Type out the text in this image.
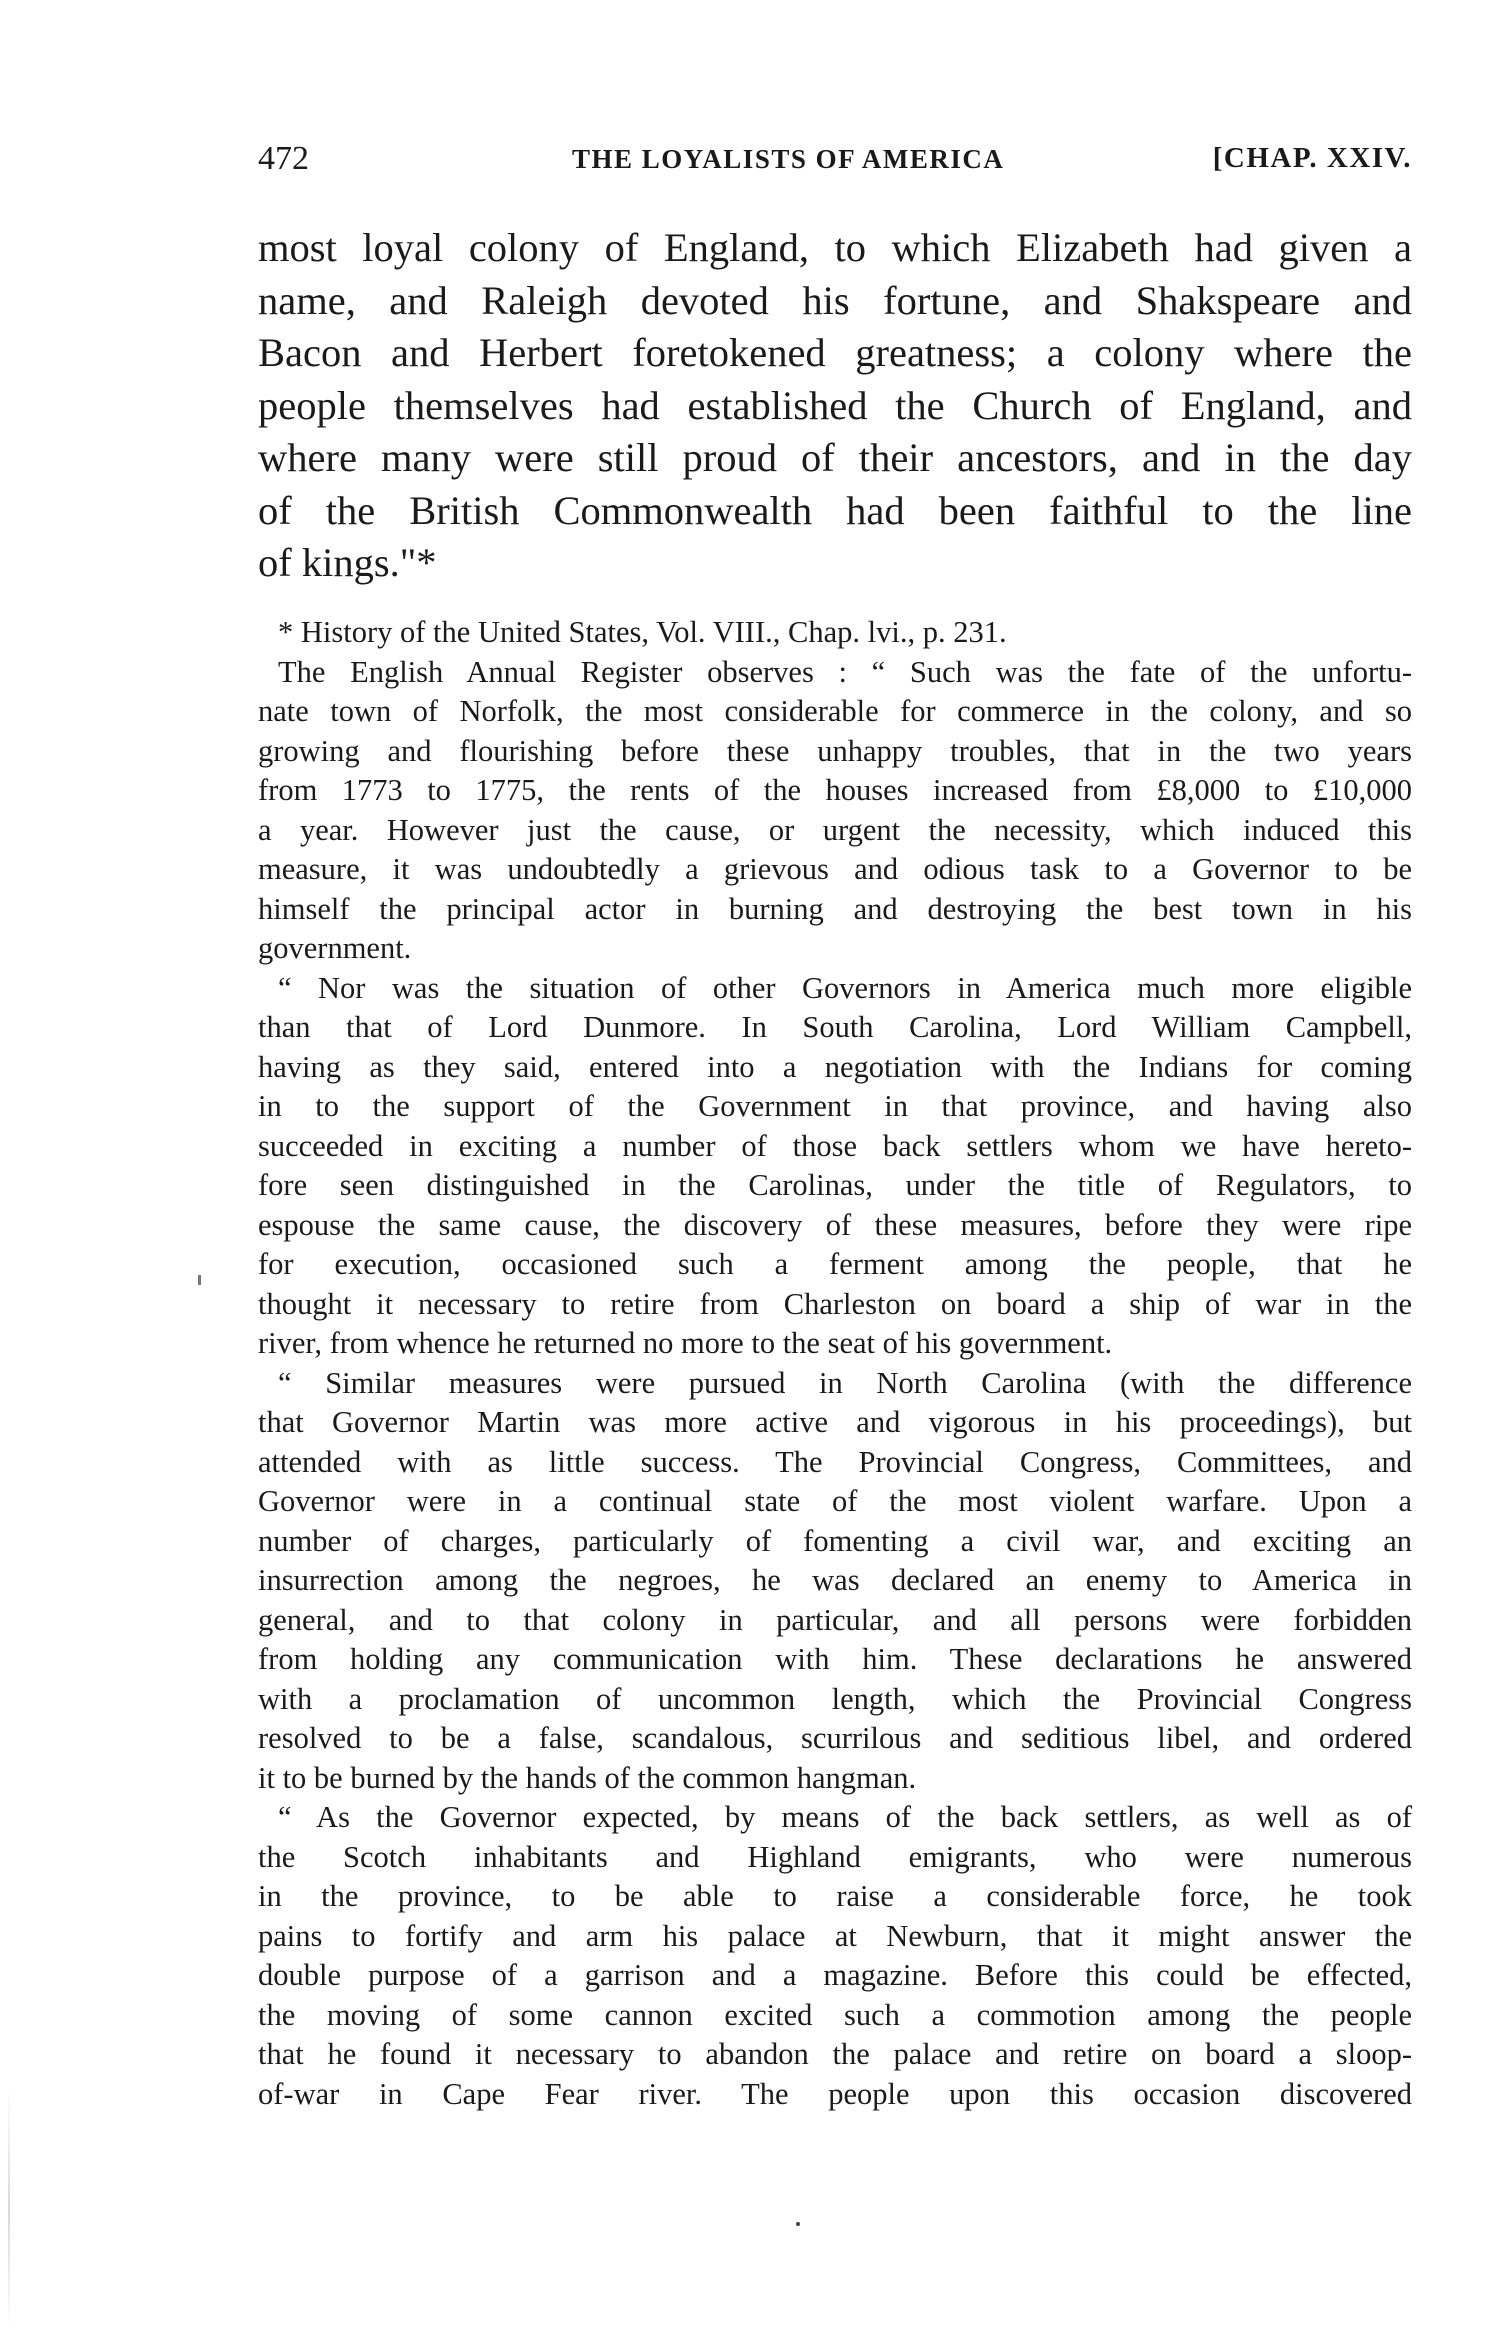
472	THE LOYALISTS OF AMERICA	[CHAP. XXIV.
most loyal colony of England, to which Elizabeth had given a
name, and Raleigh devoted his fortune, and Shakspeare and
Bacon and Herbert foretokened greatness; a colony where the
people themselves had established the Church of England, and
where many were still proud of their ancestors, and in the day
of the British Commonwealth had been faithful to the line
of kings."*
* History of the United States, Vol. VIII., Chap. lvi., p. 231.
The English Annual Register observes : “ Such was the fate of the unfortu-
nate town of Norfolk, the most considerable for commerce in the colony, and so
growing and flourishing before these unhappy troubles, that in the two years
from 1773 to 1775, the rents of the houses increased from £8,000 to £10,000
a year. However just the cause, or urgent the necessity, which induced this
measure, it was undoubtedly a grievous and odious task to a Governor to be
himself the principal actor in burning and destroying the best town in his
government.
“ Nor was the situation of other Governors in America much more eligible
than that of Lord Dunmore. In South Carolina, Lord William Campbell,
having as they said, entered into a negotiation with the Indians for coming
in to the support of the Government in that province, and having also
succeeded in exciting a number of those back settlers whom we have hereto-
fore seen distinguished in the Carolinas, under the title of Regulators, to
espouse the same cause, the discovery of these measures, before they were ripe
for execution, occasioned such a ferment among the people, that he
thought it necessary to retire from Charleston on board a ship of war in the
river, from whence he returned no more to the seat of his government.
“ Similar measures were pursued in North Carolina (with the difference
that Governor Martin was more active and vigorous in his proceedings), but
attended with as little success. The Provincial Congress, Committees, and
Governor were in a continual state of the most violent warfare. Upon a
number of charges, particularly of fomenting a civil war, and exciting an
insurrection among the negroes, he was declared an enemy to America in
general, and to that colony in particular, and all persons were forbidden
from holding any communication with him. These declarations he answered
with a proclamation of uncommon length, which the Provincial Congress
resolved to be a false, scandalous, scurrilous and seditious libel, and ordered
it to be burned by the hands of the common hangman.
“ As the Governor expected, by means of the back settlers, as well as of
the Scotch inhabitants and Highland emigrants, who were numerous
in the province, to be able to raise a considerable force, he took
pains to fortify and arm his palace at Newburn, that it might answer the
double purpose of a garrison and a magazine. Before this could be effected,
the moving of some cannon excited such a commotion among the people
that he found it necessary to abandon the palace and retire on board a sloop-
of-war in Cape Fear river. The people upon this occasion discovered
